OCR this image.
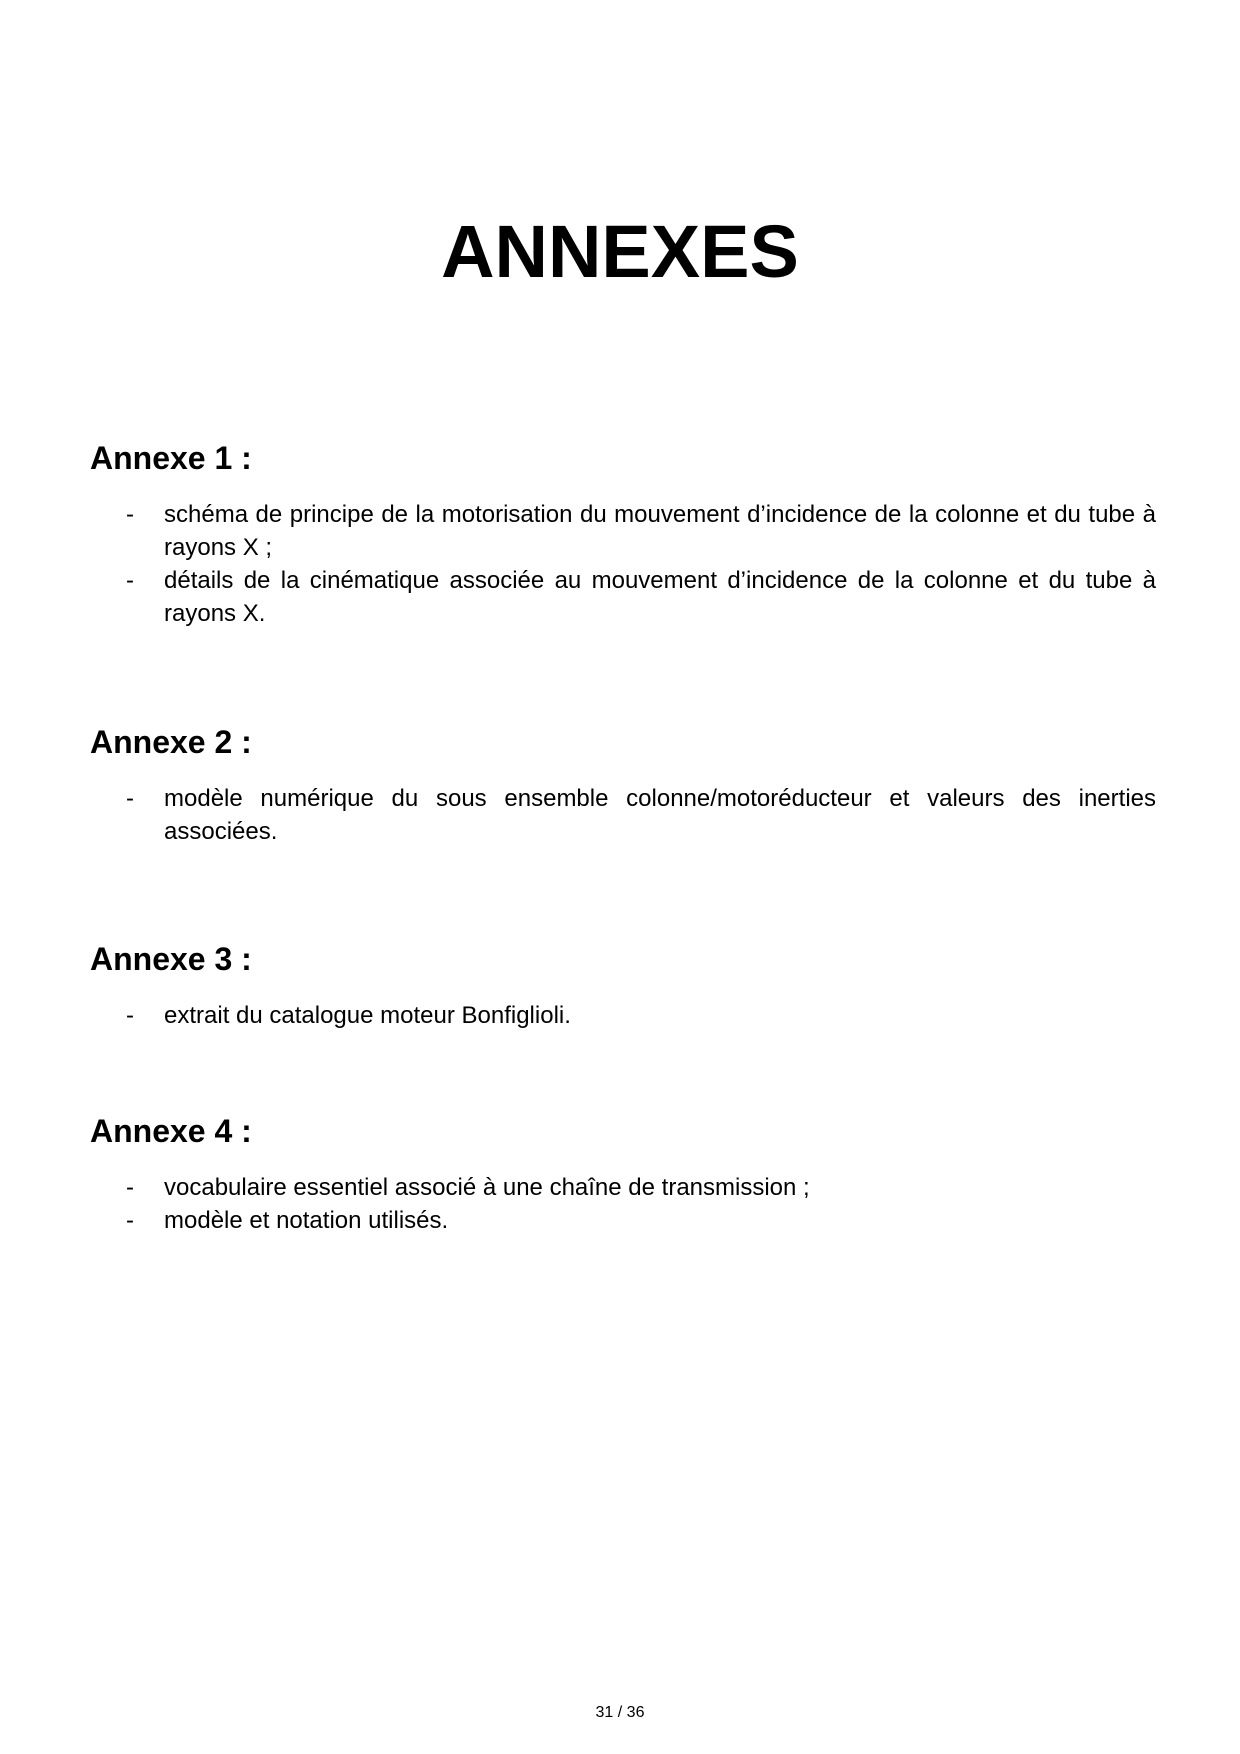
ANNEXES
Annexe 1 :
- schéma de principe de la motorisation du mouvement d’incidence de la colonne et du tube à rayons X ;
- détails de la cinématique associée au mouvement d’incidence de la colonne et du tube à rayons X.
Annexe 2 :
- modèle numérique du sous ensemble colonne/motoréducteur et valeurs des inerties associées.
Annexe 3 :
- extrait du catalogue moteur Bonfiglioli.
Annexe 4 :
- vocabulaire essentiel associé à une chaîne de transmission ;
- modèle et notation utilisés.
31 / 36
